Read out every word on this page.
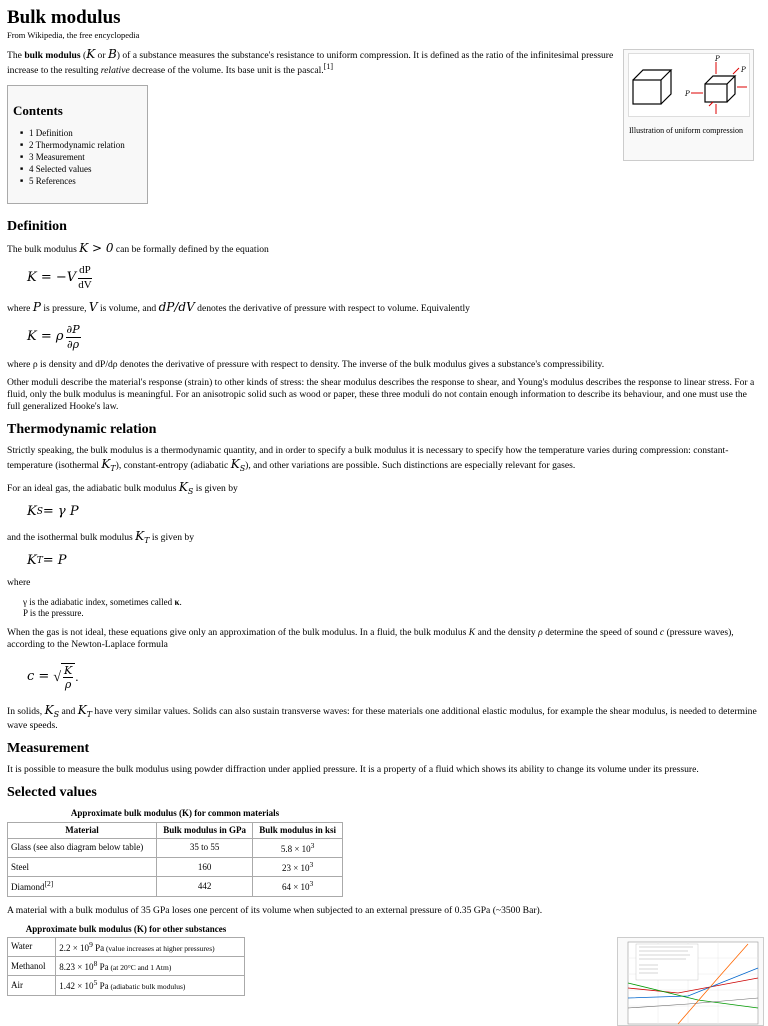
Bulk modulus
From Wikipedia, the free encyclopedia

The bulk modulus (K or B) of a substance measures the substance's resistance to uniform compression. It is defined as the ratio of the infinitesimal pressure increase to the resulting relative decrease of the volume. Its base unit is the pascal.[1]

Contents
■ 1 Definition
■ 2 Thermodynamic relation
■ 3 Measurement
■ 4 Selected values
■ 5 References
Definition

The bulk modulus K > 0 can be formally defined by the equation

$K = -V \frac{dP}{dV}$

where P is pressure, V is volume, and dP/dV denotes the derivative of pressure with respect to volume. Equivalently

K = ρ $\frac{\partial P}{\partial\rho}$

where ρ is density and dP/dρ denotes the derivative of pressure with respect to density. The inverse of the bulk modulus gives a substance's compressibility.

Other moduli describe the material's response (strain) to other kinds of stress: the shear modulus describes the response to shear, and Young's modulus describes the response to linear stress. For a fluid, only the bulk modulus is meaningful. For an anisotropic solid such as wood or paper, these three moduli do not contain enough information to describe its behaviour, and one must use the full generalized Hooke's law.

Thermodynamic relation

Strictly speaking, the bulk modulus is a thermodynamic quantity, and in order to specify a bulk modulus it is necessary to specify how the temperature varies during compression: constant-temperature (isothermal $K_T$), constant-entropy (adiabatic $K_S$), and other variations are possible. Such distinctions are especially relevant for gases.

For an ideal gas, the adiabatic bulk modulus $K_S$ is given by

K S = γ P

and the isothermal bulk modulus $K_T$ is given by

K T = P

where

γ is the adiabatic index, sometimes called κ.
P is the pressure.

When the gas is not ideal, these equations give only an approximation of the bulk modulus. In a fluid, the bulk modulus K and the density ρ determine the speed of sound c (pressure waves), according to the Newton-Laplace formula

c = √ $\frac{K}{\rho}$ .

In solids, $K_S$ and $K_T$ have very similar values. Solids can also sustain transverse waves: for these materials one additional elastic modulus, for example the shear modulus, is needed to determine wave speeds.

Measurement

It is possible to measure the bulk modulus using powder diffraction under applied pressure. It is a property of a fluid which shows its ability to change its volume under its pressure.

Selected values
Approximate bulk modulus (K) for common materials
Material	Bulk modulus in GPa	Bulk modulus in ksi
Glass (see also diagram below table)	35 to 55	$5.8 \times 10^3$
Steel	160	$23 \times 10^3$
Diamond[2]	442	$64 \times 10^3$

A material with a bulk modulus of 35 GPa loses one percent of its volume when subjected to an external pressure of 0.35 GPa (~3500 Bar).

Approximate bulk modulus (K) for other substances
Water	$2.2 \times 10^9$ Pa (value increases at higher pressures)
Methanol	$8.23 \times 10^8$ Pa (at 20°C and 1 Atm)
Air	$1.42 \times 10^5$ Pa (adiabatic bulk modulus)
P
P
P
Illustration of uniform compression
